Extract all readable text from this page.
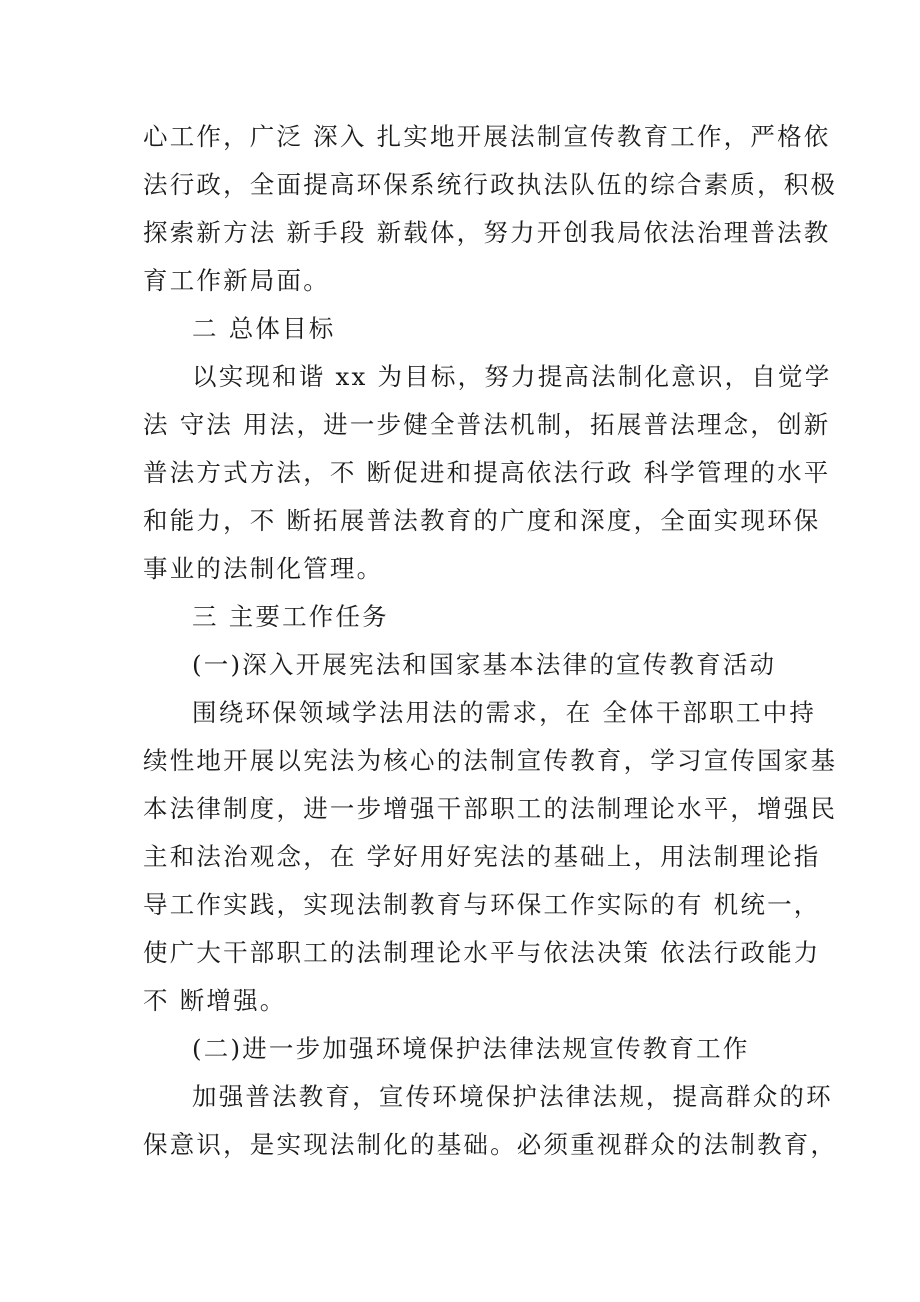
心工作，广泛 深入 扎实地开展法制宣传教育工作，严格依
法行政，全面提高环保系统行政执法队伍的综合素质，积极
探索新方法 新手段 新载体，努力开创我局依法治理普法教
育工作新局面。
二 总体目标
以实现和谐 xx 为目标，努力提高法制化意识，自觉学
法 守法 用法，进一步健全普法机制，拓展普法理念，创新
普法方式方法，不 断促进和提高依法行政 科学管理的水平
和能力，不 断拓展普法教育的广度和深度，全面实现环保
事业的法制化管理。
三 主要工作任务
(一)深入开展宪法和国家基本法律的宣传教育活动
围绕环保领域学法用法的需求，在 全体干部职工中持
续性地开展以宪法为核心的法制宣传教育，学习宣传国家基
本法律制度，进一步增强干部职工的法制理论水平，增强民
主和法治观念，在 学好用好宪法的基础上，用法制理论指
导工作实践，实现法制教育与环保工作实际的有 机统一，
使广大干部职工的法制理论水平与依法决策 依法行政能力
不 断增强。
(二)进一步加强环境保护法律法规宣传教育工作
加强普法教育，宣传环境保护法律法规，提高群众的环
保意识，是实现法制化的基础。必须重视群众的法制教育，
